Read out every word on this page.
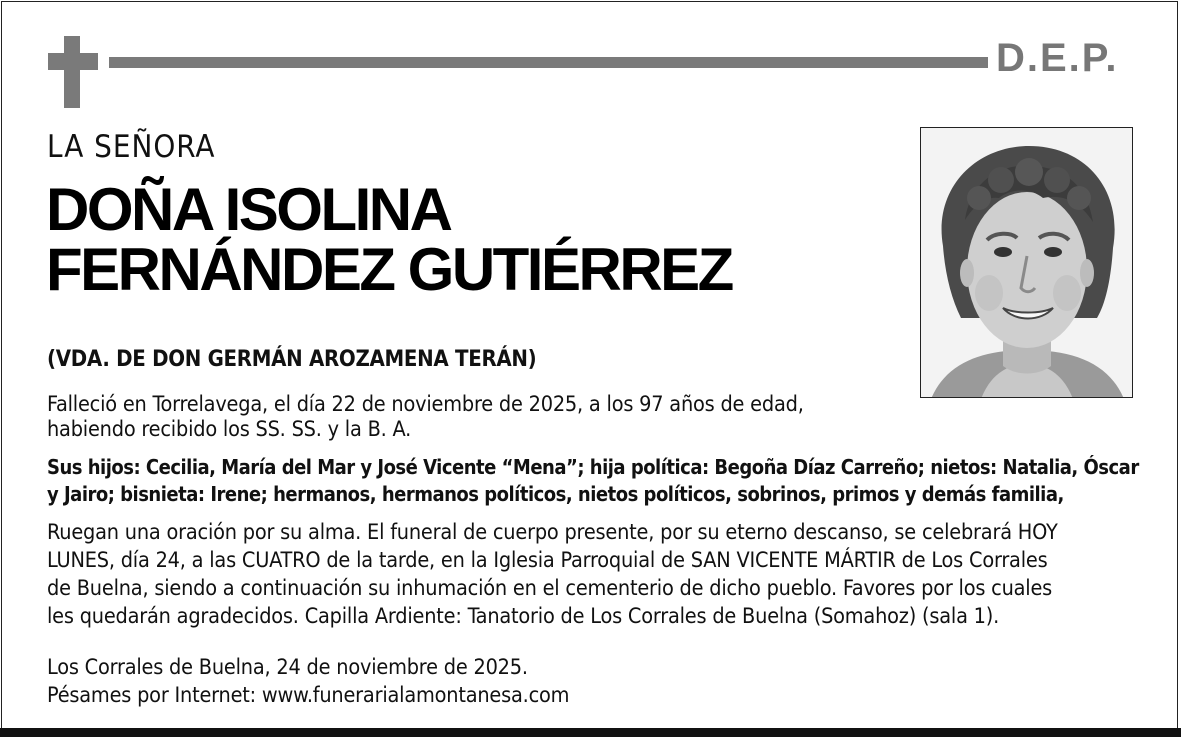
D.E.P.
LA SEÑORA
DOÑA ISOLINA
FERNÁNDEZ GUTIÉRREZ
(VDA. DE DON GERMÁN AROZAMENA TERÁN)

Falleció en Torrelavega, el día 22 de noviembre de 2025, a los 97 años de edad,
habiendo recibido los SS. SS. y la B. A.

Sus hijos: Cecilia, María del Mar y José Vicente “Mena”; hija política: Begoña Díaz Carreño; nietos: Natalia, Óscar
y Jairo; bisnieta: Irene; hermanos, hermanos políticos, nietos políticos, sobrinos, primos y demás familia,

Ruegan una oración por su alma. El funeral de cuerpo presente, por su eterno descanso, se celebrará HOY
LUNES, día 24, a las CUATRO de la tarde, en la Iglesia Parroquial de SAN VICENTE MÁRTIR de Los Corrales
de Buelna, siendo a continuación su inhumación en el cementerio de dicho pueblo. Favores por los cuales
les quedarán agradecidos. Capilla Ardiente: Tanatorio de Los Corrales de Buelna (Somahoz) (sala 1).

Los Corrales de Buelna, 24 de noviembre de 2025.
Pésames por Internet: www.funerarialamontanesa.com
